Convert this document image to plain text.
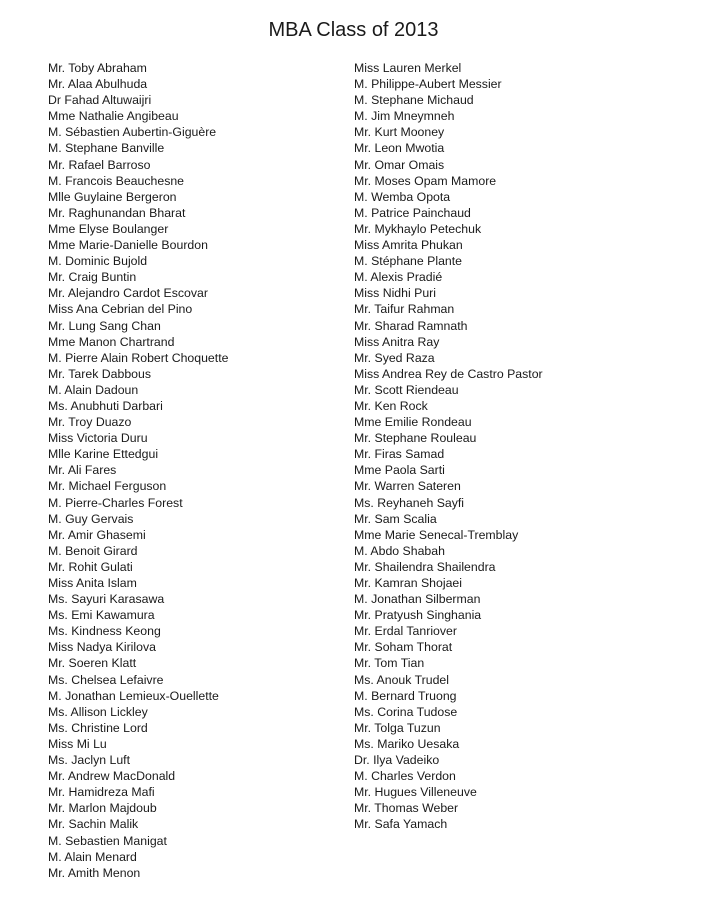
MBA Class of 2013
Mr. Toby Abraham
Mr. Alaa Abulhuda
Dr Fahad Altuwaijri
Mme Nathalie Angibeau
M. Sébastien Aubertin-Giguère
M. Stephane Banville
Mr. Rafael Barroso
M. Francois Beauchesne
Mlle Guylaine Bergeron
Mr. Raghunandan Bharat
Mme Elyse Boulanger
Mme Marie-Danielle Bourdon
M. Dominic Bujold
Mr. Craig Buntin
Mr. Alejandro Cardot Escovar
Miss Ana Cebrian del Pino
Mr. Lung Sang Chan
Mme Manon Chartrand
M. Pierre Alain Robert Choquette
Mr. Tarek Dabbous
M. Alain Dadoun
Ms. Anubhuti Darbari
Mr. Troy Duazo
Miss Victoria Duru
Mlle Karine Ettedgui
Mr. Ali Fares
Mr. Michael Ferguson
M. Pierre-Charles Forest
M. Guy Gervais
Mr. Amir Ghasemi
M. Benoit Girard
Mr. Rohit Gulati
Miss Anita Islam
Ms. Sayuri Karasawa
Ms. Emi Kawamura
Ms. Kindness Keong
Miss Nadya Kirilova
Mr. Soeren Klatt
Ms. Chelsea Lefaivre
M. Jonathan Lemieux-Ouellette
Ms. Allison Lickley
Ms. Christine Lord
Miss Mi Lu
Ms. Jaclyn Luft
Mr. Andrew MacDonald
Mr. Hamidreza Mafi
Mr. Marlon Majdoub
Mr. Sachin Malik
M. Sebastien Manigat
M. Alain Menard
Mr. Amith Menon
Miss Lauren Merkel
M. Philippe-Aubert Messier
M. Stephane Michaud
M. Jim Mneymneh
Mr. Kurt Mooney
Mr. Leon Mwotia
Mr. Omar Omais
Mr. Moses Opam Mamore
M. Wemba Opota
M. Patrice Painchaud
Mr. Mykhaylo Petechuk
Miss Amrita Phukan
M. Stéphane Plante
M. Alexis Pradié
Miss Nidhi Puri
Mr. Taifur Rahman
Mr. Sharad Ramnath
Miss Anitra Ray
Mr. Syed Raza
Miss Andrea Rey de Castro Pastor
Mr. Scott Riendeau
Mr. Ken Rock
Mme Emilie Rondeau
Mr. Stephane Rouleau
Mr. Firas Samad
Mme Paola Sarti
Mr. Warren Sateren
Ms. Reyhaneh Sayfi
Mr. Sam Scalia
Mme Marie Senecal-Tremblay
M. Abdo Shabah
Mr. Shailendra Shailendra
Mr. Kamran Shojaei
M. Jonathan Silberman
Mr. Pratyush Singhania
Mr. Erdal Tanriover
Mr. Soham Thorat
Mr. Tom Tian
Ms. Anouk Trudel
M. Bernard Truong
Ms. Corina Tudose
Mr. Tolga Tuzun
Ms. Mariko Uesaka
Dr. Ilya Vadeiko
M. Charles Verdon
Mr. Hugues Villeneuve
Mr. Thomas Weber
Mr. Safa Yamach
